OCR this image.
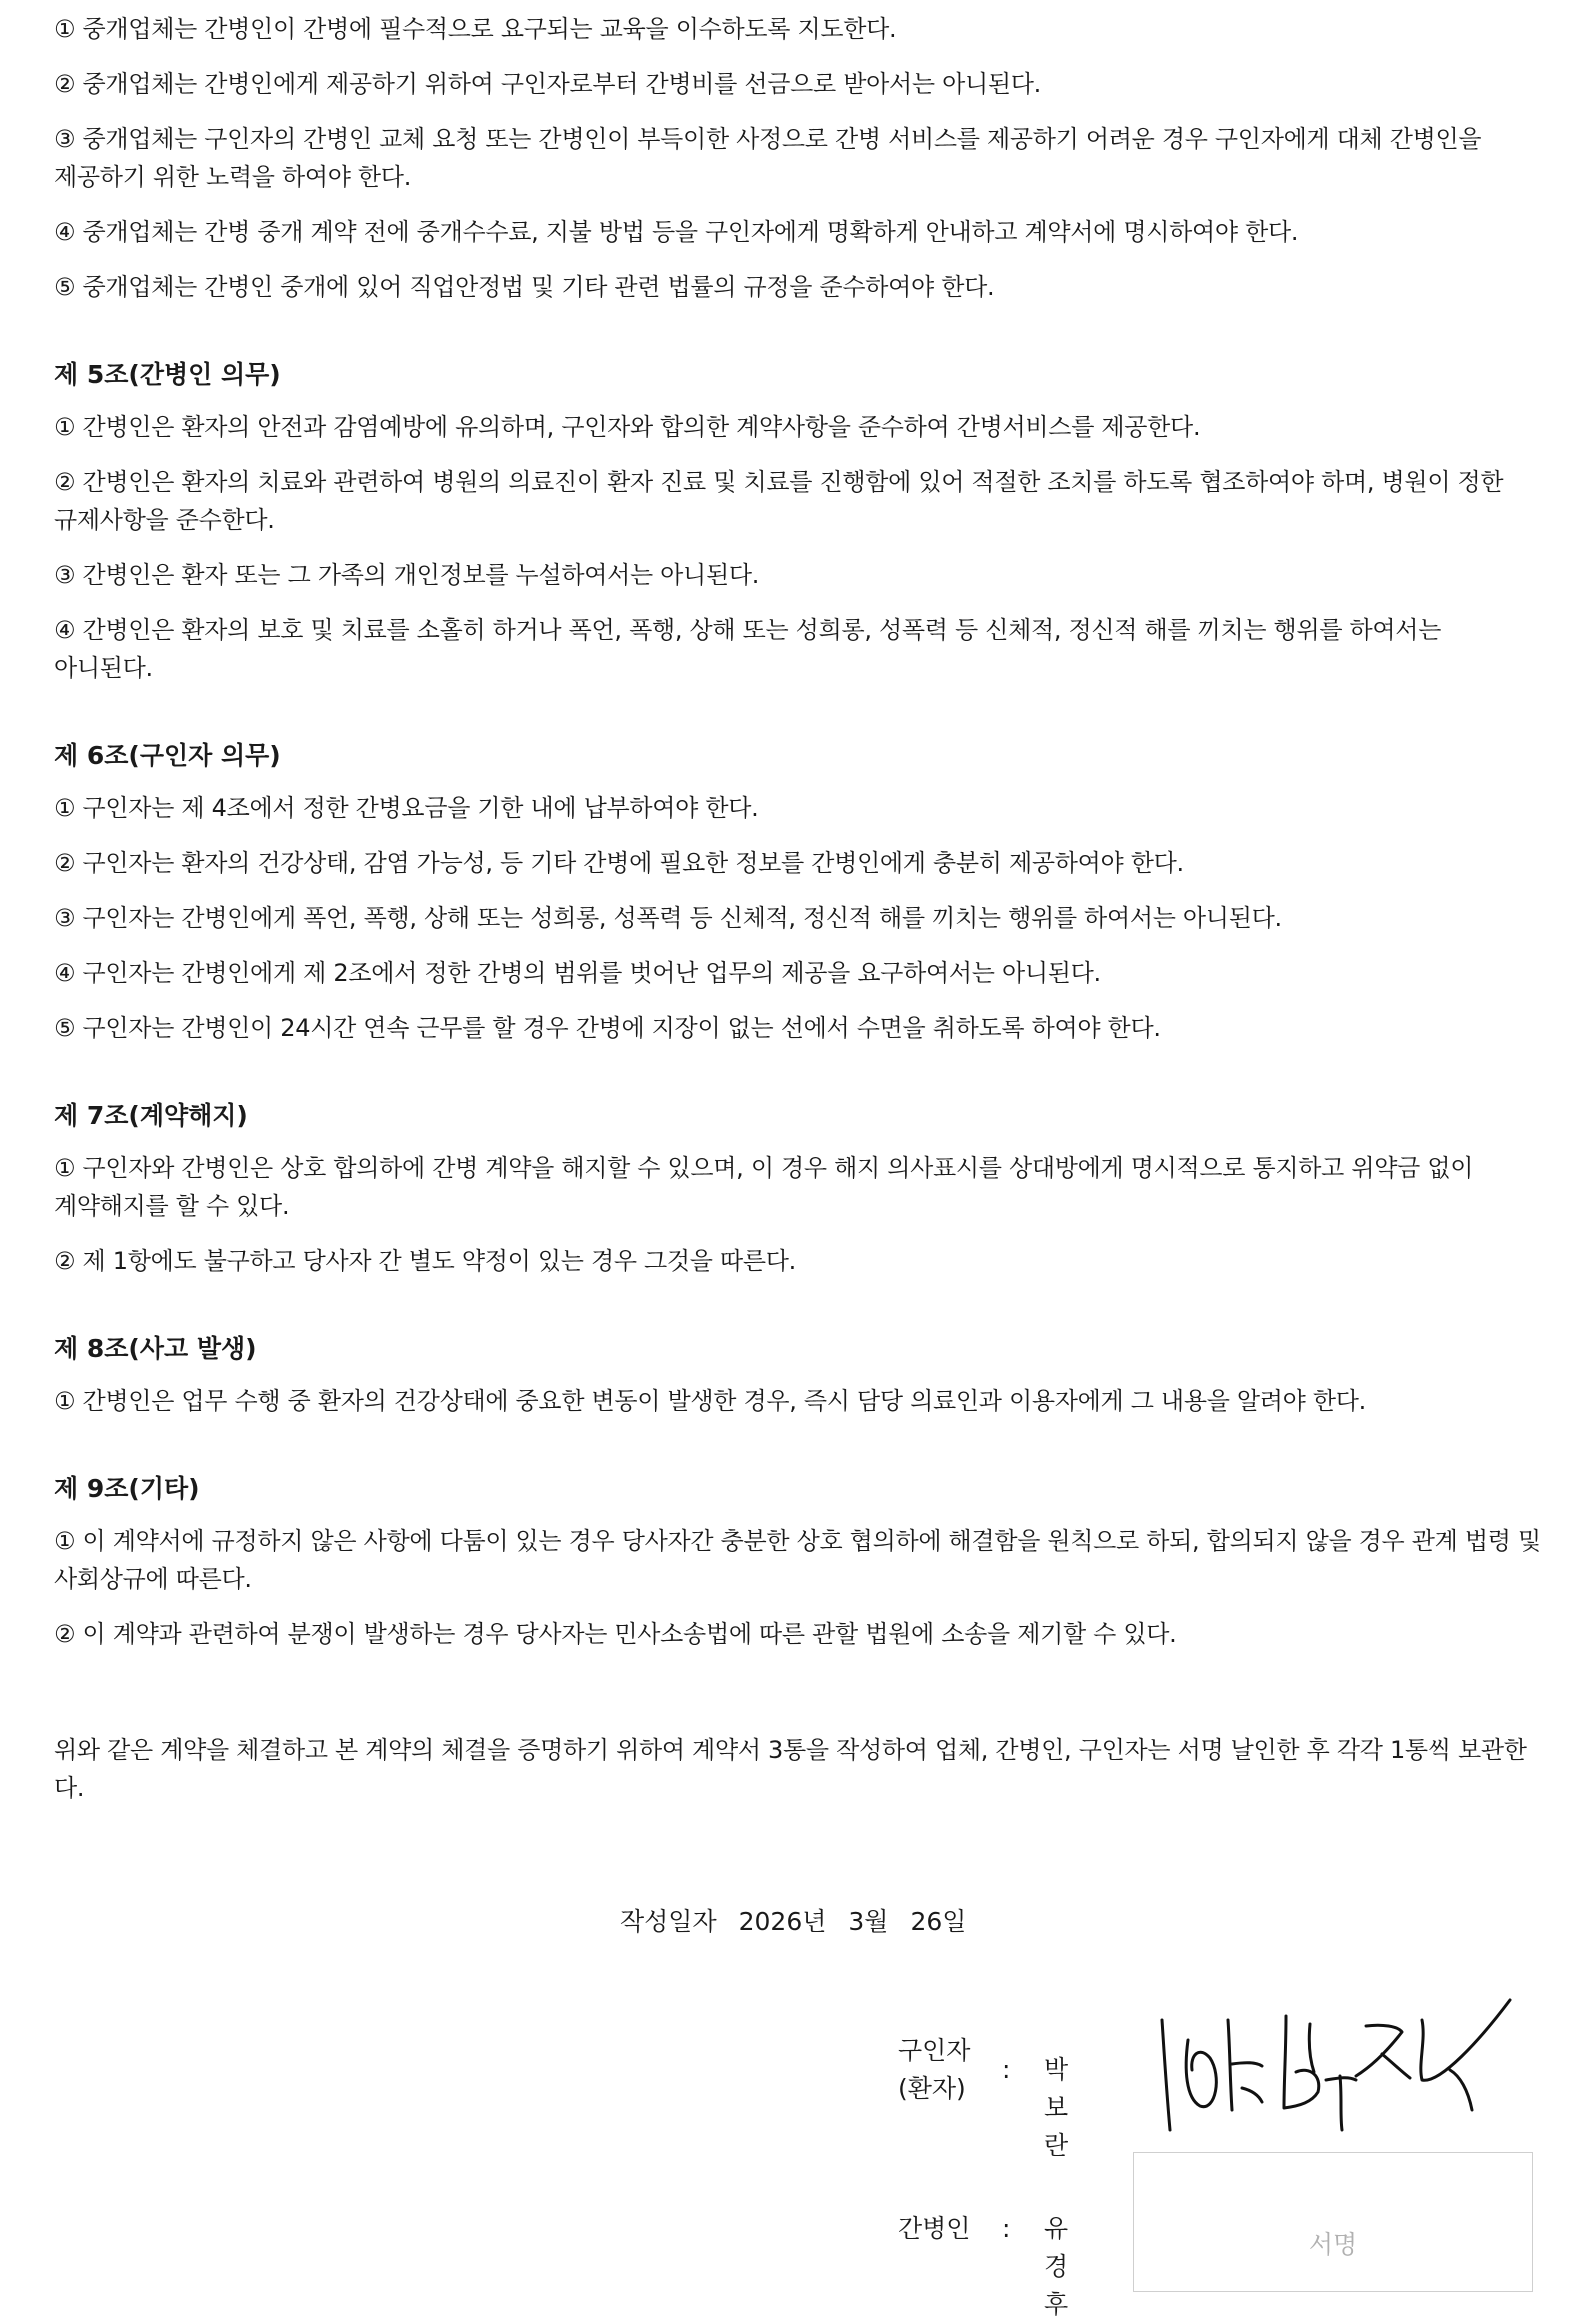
① 중개업체는 간병인이 간병에 필수적으로 요구되는 교육을 이수하도록 지도한다.

② 중개업체는 간병인에게 제공하기 위하여 구인자로부터 간병비를 선금으로 받아서는 아니된다.

③ 중개업체는 구인자의 간병인 교체 요청 또는 간병인이 부득이한 사정으로 간병 서비스를 제공하기 어려운 경우 구인자에게 대체 간병인을 제공하기 위한 노력을 하여야 한다.

④ 중개업체는 간병 중개 계약 전에 중개수수료, 지불 방법 등을 구인자에게 명확하게 안내하고 계약서에 명시하여야 한다.

⑤ 중개업체는 간병인 중개에 있어 직업안정법 및 기타 관련 법률의 규정을 준수하여야 한다.

제 5조(간병인 의무)

① 간병인은 환자의 안전과 감염예방에 유의하며, 구인자와 합의한 계약사항을 준수하여 간병서비스를 제공한다.

② 간병인은 환자의 치료와 관련하여 병원의 의료진이 환자 진료 및 치료를 진행함에 있어 적절한 조치를 하도록 협조하여야 하며, 병원이 정한 규제사항을 준수한다.

③ 간병인은 환자 또는 그 가족의 개인정보를 누설하여서는 아니된다.

④ 간병인은 환자의 보호 및 치료를 소홀히 하거나 폭언, 폭행, 상해 또는 성희롱, 성폭력 등 신체적, 정신적 해를 끼치는 행위를 하여서는 아니된다.

제 6조(구인자 의무)

① 구인자는 제 4조에서 정한 간병요금을 기한 내에 납부하여야 한다.

② 구인자는 환자의 건강상태, 감염 가능성, 등 기타 간병에 필요한 정보를 간병인에게 충분히 제공하여야 한다.

③ 구인자는 간병인에게 폭언, 폭행, 상해 또는 성희롱, 성폭력 등 신체적, 정신적 해를 끼치는 행위를 하여서는 아니된다.

④ 구인자는 간병인에게 제 2조에서 정한 간병의 범위를 벗어난 업무의 제공을 요구하여서는 아니된다.

⑤ 구인자는 간병인이 24시간 연속 근무를 할 경우 간병에 지장이 없는 선에서 수면을 취하도록 하여야 한다.

제 7조(계약해지)

① 구인자와 간병인은 상호 합의하에 간병 계약을 해지할 수 있으며, 이 경우 해지 의사표시를 상대방에게 명시적으로 통지하고 위약금 없이 계약해지를 할 수 있다.

② 제 1항에도 불구하고 당사자 간 별도 약정이 있는 경우 그것을 따른다.

제 8조(사고 발생)

① 간병인은 업무 수행 중 환자의 건강상태에 중요한 변동이 발생한 경우, 즉시 담당 의료인과 이용자에게 그 내용을 알려야 한다.

제 9조(기타)

① 이 계약서에 규정하지 않은 사항에 다툼이 있는 경우 당사자간 충분한 상호 협의하에 해결함을 원칙으로 하되, 합의되지 않을 경우 관계 법령 및 사회상규에 따른다.

② 이 계약과 관련하여 분쟁이 발생하는 경우 당사자는 민사소송법에 따른 관할 법원에 소송을 제기할 수 있다.

위와 같은 계약을 체결하고 본 계약의 체결을 증명하기 위하여 계약서 3통을 작성하여 업체, 간병인, 구인자는 서명 날인한 후 각각 1통씩 보관한다.

작성일자 2026년 3월 26일
구인자
(환자)
: 박보란
간병인	: 유경후
서명
